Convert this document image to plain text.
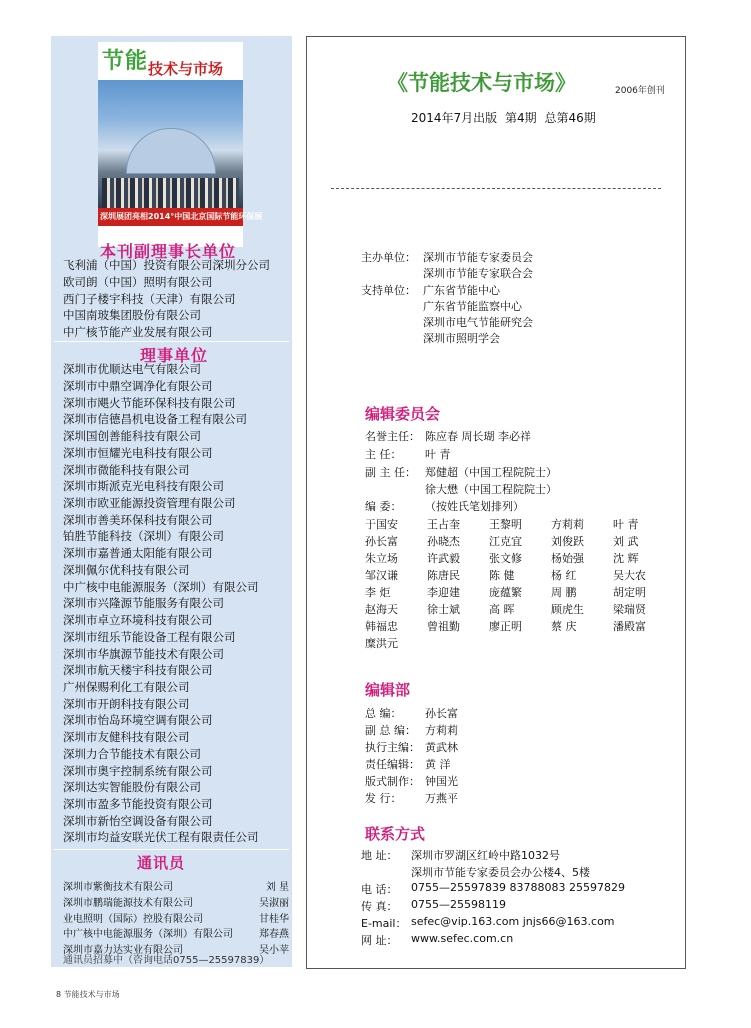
节能 技术与市场
深圳展团亮相2014°中国北京国际节能环保展
本刊副理事长单位
飞利浦（中国）投资有限公司深圳分公司
欧司朗（中国）照明有限公司
西门子楼宇科技（天津）有限公司
中国南玻集团股份有限公司
中广核节能产业发展有限公司
理事单位
深圳市优顺达电气有限公司
深圳市中鼎空调净化有限公司
深圳市飓火节能环保科技有限公司
深圳市信德昌机电设备工程有限公司
深圳国创善能科技有限公司
深圳市恒耀光电科技有限公司
深圳市微能科技有限公司
深圳市斯派克光电科技有限公司
深圳市欧亚能源投资管理有限公司
深圳市善美环保科技有限公司
铂胜节能科技（深圳）有限公司
深圳市嘉普通太阳能有限公司
深圳佩尔优科技有限公司
中广核中电能源服务（深圳）有限公司
深圳市兴隆源节能服务有限公司
深圳市卓立环境科技有限公司
深圳市纽乐节能设备工程有限公司
深圳市华旗源节能技术有限公司
深圳市航天楼宇科技有限公司
广州保赐利化工有限公司
深圳市开朗科技有限公司
深圳市怡岛环境空调有限公司
深圳市友健科技有限公司
深圳力合节能技术有限公司
深圳市奥宇控制系统有限公司
深圳达实智能股份有限公司
深圳市盈多节能投资有限公司
深圳市新怡空调设备有限公司
深圳市均益安联光伏工程有限责任公司
通讯员
深圳市紫衡技术有限公司	刘 星
深圳市鹏瑞能源技术有限公司	吴淑丽
业电照明（国际）控股有限公司	甘桂华
中广核中电能源服务（深圳）有限公司	郑春燕
深圳市嘉力达实业有限公司	吴小苹
通讯员招募中（咨询电话0755—25597839）
《节能技术与市场》	2006年创刊
2014年7月出版 第4期 总第46期
主办单位： 深圳市节能专家委员会
深圳市节能专家联合会
支持单位： 广东省节能中心
广东省节能监察中心
深圳市电气节能研究会
深圳市照明学会
编辑委员会
名誉主任： 陈应春 周长瑚 李必祥
主 任： 叶 青
副 主 任： 郑健超（中国工程院院士）
徐大懋（中国工程院院士）
编 委： （按姓氏笔划排列）
于国安	王占奎	王黎明	方莉莉	叶 青
孙长富	孙晓杰	江克宜	刘俊跃	刘 武
朱立场	许武毅	张文修	杨始强	沈 辉
邹汉谦	陈唐民	陈 健	杨 红	吴大农
李 炬	李迎建	庞蕴繁	周 鹏	胡定明
赵海天	徐士斌	高 晖	顾虎生	梁瑞贤
韩福忠	曾祖勤	廖正明	蔡 庆	潘殿富
糜洪元
编辑部
总 编： 孙长富
副 总 编： 方莉莉
执行主编： 黄武林
责任编辑： 黄 洋
版式制作： 钟国光
发 行： 万燕平
联系方式
地 址： 深圳市罗湖区红岭中路1032号
深圳市节能专家委员会办公楼4、5楼
电 话： 0755—25597839 83788083 25597829
传 真： 0755—25598119
E-mail： sefec@vip.163.com jnjs66@163.com
网 址： www.sefec.com.cn
8 节能技术与市场
